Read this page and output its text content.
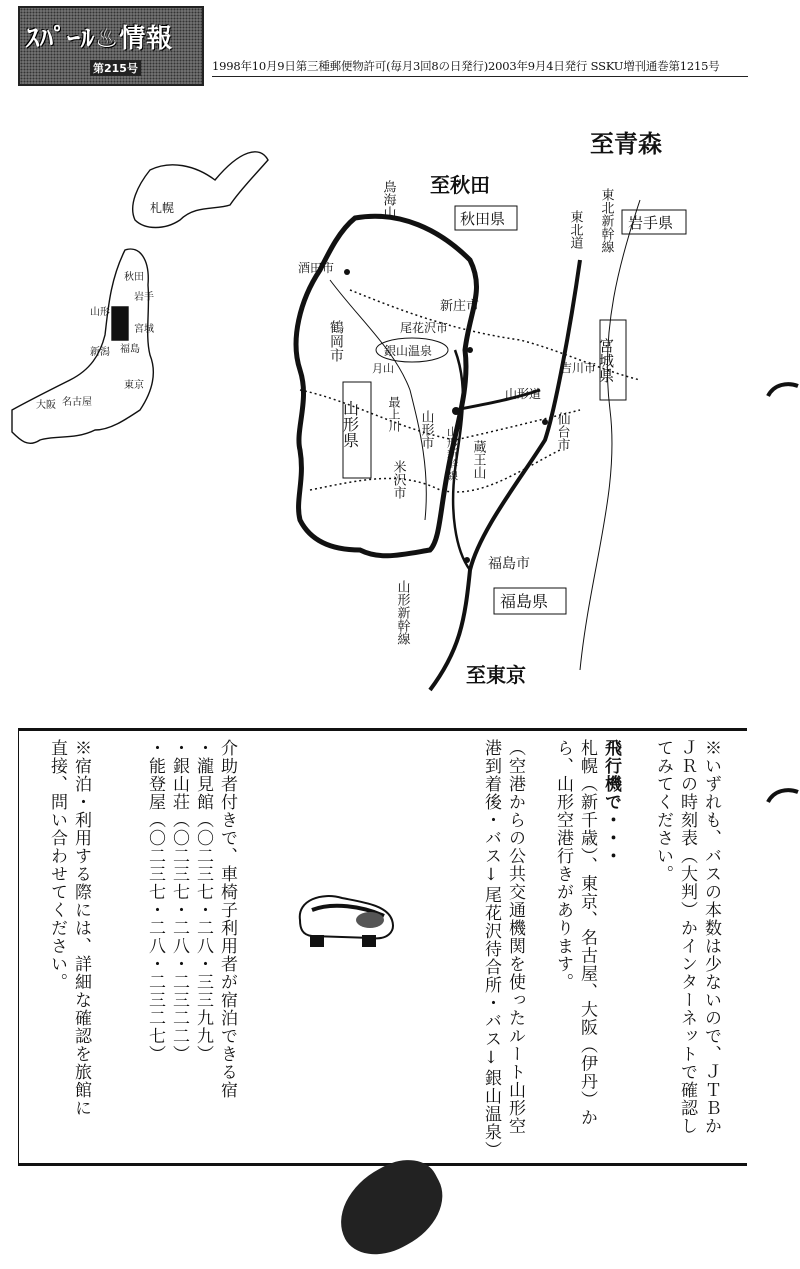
ｽﾊﾟｰﾙ♨情報
第215号	1998年10月9日第三種郵便物許可(毎月3回8の日発行)2003年9月4日発行 SSKU増刊通巻第1215号
札幌
秋田
岩手
山形
宮城
新潟 福島
東京
名古屋
大阪
至青森
至秋田
至東京
鳥海山	秋田県	岩手県
東北新幹線
東北道
酒田市
新庄市
鶴岡市	尾花沢市
銀山温泉
月山	宮城県
吉川市
山形道
山形県 最上川 山形市 山形新幹線 蔵王山
仙台市
米沢市
福島市
福島県
山形新幹線
※いずれも、バスの本数は少ないので、ＪＴＢか
ＪＲの時刻表（大判）かインターネットで確認し
てみてください。
飛行機で・・・
札幌（新千歳）、東京、名古屋、大阪（伊丹）か
ら、山形空港行きがあります。
（空港からの公共交通機関を使ったルート山形空
港到着後・バス↓尾花沢待合所・バス↓銀山温泉）
介助者付きで、車椅子利用者が宿泊できる宿
・瀧見館（〇二三七・二八・三三九九）
・銀山荘（〇二三七・二八・二三二二）
・能登屋（〇二三七・二八・二三二七）
※宿泊・利用する際には、詳細な確認を旅館に
直接、問い合わせてください。
